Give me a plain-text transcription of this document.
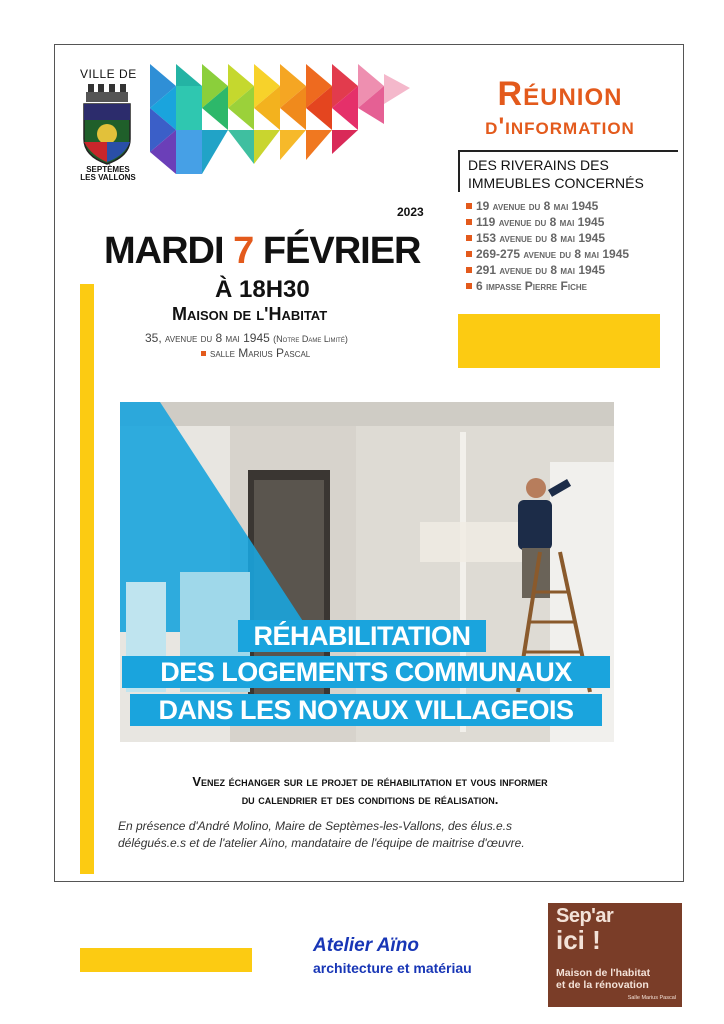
VILLE DE
SEPTÈMES
LES VALLONS
Réunion
d'information
DES RIVERAINS DES
IMMEUBLES CONCERNÉS
19 avenue du 8 mai 1945
119 avenue du 8 mai 1945
153 avenue du 8 mai 1945
269-275 avenue du 8 mai 1945
291 avenue du 8 mai 1945
6 impasse Pierre Fiche
2023
MARDI 7 FÉVRIER
À 18H30
Maison de l'Habitat
35, avenue du 8 mai 1945 (Notre Dame Limité)
salle Marius Pascal
RÉHABILITATION
DES LOGEMENTS COMMUNAUX
DANS LES NOYAUX VILLAGEOIS
Venez échanger sur le projet de réhabilitation et vous informer
du calendrier et des conditions de réalisation.
En présence d'André Molino, Maire de Septèmes-les-Vallons, des élus.e.s
délégués.e.s et de l'atelier Aïno, mandataire de l'équipe de maitrise d'œuvre.
Atelier Aïno
architecture et matériau
Sep'ar
ici !
Maison de l'habitat
et de la rénovation
Salle Marius Pascal
